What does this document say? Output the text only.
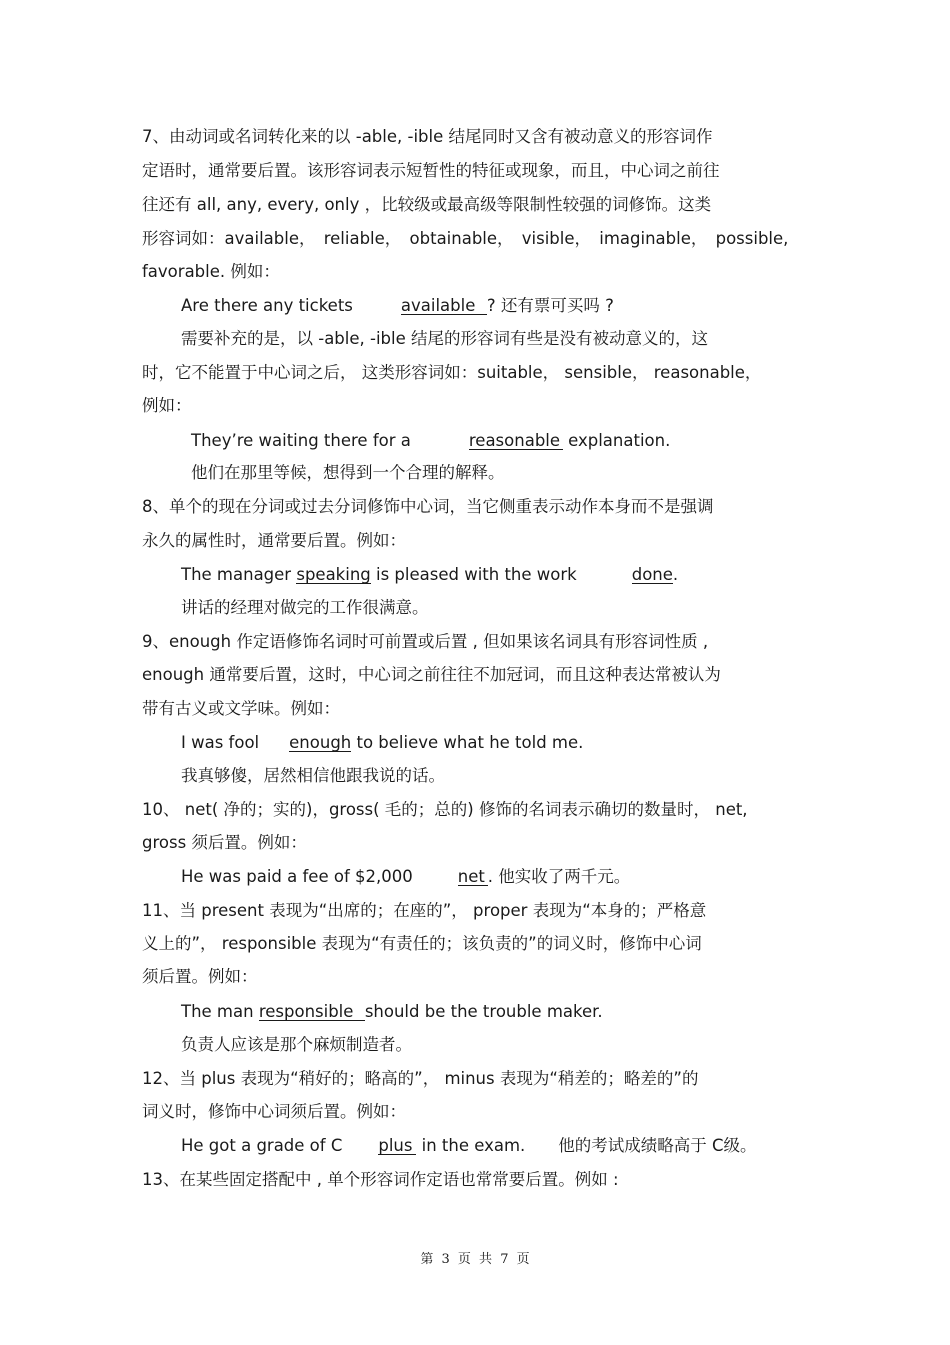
7、由动词或名词转化来的以 -able, -ible 结尾同时又含有被动意义的形容词作
定语时，通常要后置。该形容词表示短暂性的特征或现象，而且，中心词之前往
往还有 all, any, every, only ，比较级或最高级等限制性较强的词修饰。这类
形容词如：available， reliable， obtainable， visible， imaginable， possible,
favorable. 例如：
Are there any tickets	available ? 还有票可买吗 ?
需要补充的是，以 -able, -ible 结尾的形容词有些是没有被动意义的，这
时，它不能置于中心词之后， 这类形容词如：suitable， sensible， reasonable，
例如：
They’re waiting there for a	reasonable explanation.
他们在那里等候，想得到一个合理的解释。
8、单个的现在分词或过去分词修饰中心词，当它侧重表示动作本身而不是强调
永久的属性时，通常要后置。例如：
The manager speaking is pleased with the work	done.
讲话的经理对做完的工作很满意。
9、enough 作定语修饰名词时可前置或后置 , 但如果该名词具有形容词性质 ,
enough 通常要后置，这时，中心词之前往往不加冠词，而且这种表达常被认为
带有古义或文学味。例如：
I was fool enough to believe what he told me.
我真够傻，居然相信他跟我说的话。
10、 net( 净的；实的)，gross( 毛的；总的) 修饰的名词表示确切的数量时， net,
gross 须后置。例如：
He was paid a fee of $2,000	net . 他实收了两千元。
11、当 present 表现为“出席的；在座的”， proper 表现为“本身的；严格意
义上的”， responsible 表现为“有责任的；该负责的”的词义时，修饰中心词
须后置。例如：
The man responsible should be the trouble maker.
负责人应该是那个麻烦制造者。
12、当 plus 表现为“稍好的；略高的”， minus 表现为“稍差的；略差的”的
词义时，修饰中心词须后置。例如：
He got a grade of C plus in the exam. 他的考试成绩略高于 C级。
13、在某些固定搭配中 , 单个形容词作定语也常常要后置。例如 :
第 3 页 共 7 页
